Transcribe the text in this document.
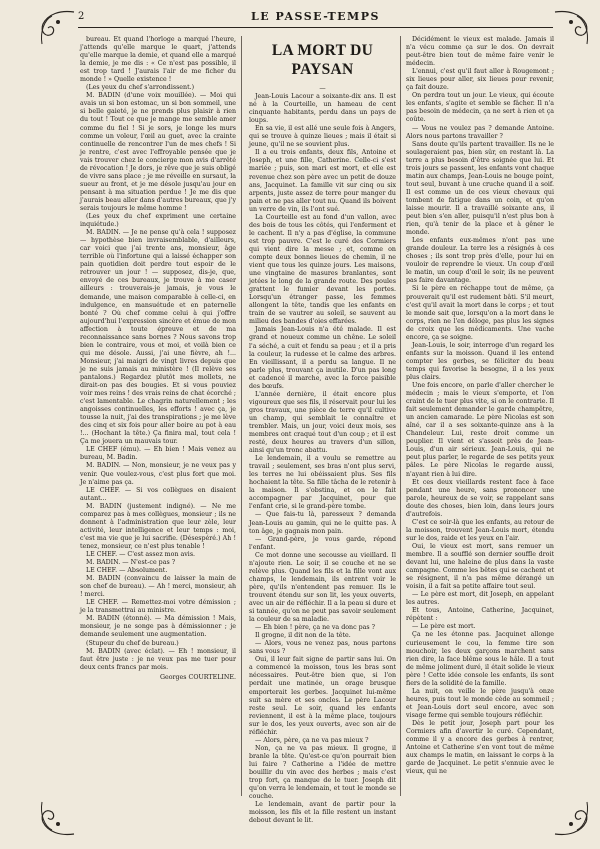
2	LE PASSE-TEMPS

bureau. Et quand l'horloge a marqué l'heure, j'attends qu'elle marque le quart, j'attends qu'elle marque la demie, et quand elle a marqué la demie, je me dis : « Ce n'est pas possible, il est trop tard ! J'aurais l'air de me ficher du monde ! » Quelle existence !

(Les yeux du chef s'arrondissent.)

M. BADIN (d'une voix mouillée). — Moi qui avais un si bon estomac, un si bon sommeil, une si belle gaieté, je ne prends plus plaisir à rien du tout ! Tout ce que je mange me semble amer comme du fiel ! Si je sors, je longe les murs comme un voleur, l'œil au guet, avec la crainte continuelle de rencontrer l'un de mes chefs ! Si je rentre, c'est avec l'effroyable pensée que je vais trouver chez le concierge mon avis d'arrêté de révocation ! Je dors, je rêve que je suis obligé de vivre sans place ; je me réveille en sursaut, la sueur au front, et je me désole jusqu'au jour en pensant à ma situation perdue ! Je me dis que j'aurais beau aller dans d'autres bureaux, que j'y serais toujours le même homme !

(Les yeux du chef expriment une certaine inquiétude.)

M. BADIN. — Je ne pense qu'à cela ! supposez — hypothèse bien invraisemblable, d'ailleurs, car voici que j'ai trente ans, monsieur, âge terrible où l'infortune qui a laissé échapper son pain quotidien doit perdre tout espoir de le retrouver un jour ! — supposez, dis-je, que, envoyé de ces bureaux, je trouve à me caser ailleurs : trouverais-je jamais, je vous le demande, une maison comparable à celle-ci, en indulgence, en mansuétude et en paternelle bonté ? Où chef comme celui à qui j'offre aujourd'hui l'expression sincère et émue de mon affection à toute épreuve et de ma reconnaissance sans bornes ? Nous savons trop bien le contraire, vous et moi, et voilà bien ce qui me désole. Aussi, j'ai une fièvre, ah !... Monsieur, j'ai maigri de vingt livres depuis que je ne suis jamais au ministère ! (Il relève ses pantalons.) Regardez plutôt mes mollets, ne dirait-on pas des bougies. Et si vous pouviez voir mes reins ! des vrais reins de chat écorché ; c'est lamentable. Le chagrin naturellement ; les angoisses continuelles, les efforts ! avec ça, je tousse la nuit, j'ai des transpirations ; je me lève des cinq et six fois pour aller boire au pot à eau !... (Hochant la tête.) Ça finira mal, tout cela ! Ça me jouera un mauvais tour.

LE CHEF (ému). — Eh bien ! Mais venez au bureau, M. Badin.

M. BADIN. — Non, monsieur, je ne veux pas y venir. Que voulez-vous, c'est plus fort que moi. Je n'aime pas ça.

LE CHEF. — Si vos collègues en disaient autant...

M. BADIN (justement indigné). — Ne me comparez pas à mes collègues, monsieur ; ils ne donnent à l'administration que leur zèle, leur activité, leur intelligence et leur temps : moi, c'est ma vie que je lui sacrifie. (Désespéré.) Ah ! tenez, monsieur, ce n'est plus tenable !

LE CHEF. — C'est assez mon avis.

M. BADIN. — N'est-ce pas ?

LE CHEF. — Absolument.

M. BADIN (convaincu de laisser la main de son chef de bureau). — Ah ! merci, monsieur, ah ! merci.

LE CHEF. — Remettez-moi votre démission ; je la transmettrai au ministre.

M. BADIN (étonné). — Ma démission ! Mais, monsieur, je ne songe pas à démissionner ; je demande seulement une augmentation.

(Stupeur du chef de bureau.)

M. BADIN (avec éclat). — Eh ! monsieur, il faut être juste : je ne veux pas me tuer pour deux cents francs par mois.

Georges COURTELINE.

LA MORT DU PAYSAN

—

Jean-Louis Lacour a soixante-dix ans. Il est né à la Courteille, un hameau de cent cinquante habitants, perdu dans un pays de loups.

En sa vie, il est allé une seule fois à Angers, qui se trouve à quinze lieues ; mais il était si jeune, qu'il ne se souvient plus.

Il a eu trois enfants, deux fils, Antoine et Joseph, et une fille, Catherine. Celle-ci s'est mariée ; puis, son mari est mort, et elle est revenue chez son père avec un petit de douze ans, Jacquinet. La famille vit sur cinq ou six arpents, juste assez de terre pour manger du pain et ne pas aller tout nu. Quand ils boivent un verre de vin, ils l'ont sué.

La Courteille est au fond d'un vallon, avec des bois de tous les côtés, qui l'enferment et le cachent. Il n'y a pas d'église, la commune est trop pauvre. C'est le curé des Cormiers qui vient dire la messe ; et, comme on compte deux bonnes lieues de chemin, il ne vient que tous les quinze jours. Les maisons, une vingtaine de masures branlantes, sont jetées le long de la grande route. Des poules grattent le fumier devant les portes. Lorsqu'un étranger passe, les femmes allongent la tête, tandis que les enfants en train de se vautrer au soleil, se sauvent au milieu des bandes d'oies effarées.

Jamais Jean-Louis n'a été malade. Il est grand et noueux comme un chêne. Le soleil l'a séché, a cuit et fendu sa peau ; et il a pris la couleur, la rudesse et le calme des arbres. En vieillissant, il a perdu sa langue. Il ne parle plus, trouvant ça inutile. D'un pas long et cadencé il marche, avec la force paisible des bœufs.

L'année dernière, il était encore plus vigoureux que ses fils, il réservait pour lui les gros travaux, une pièce de terre qu'il cultive un champ, qui semblait le connaître et trembler. Mais, un jour, voici deux mois, ses membres ont craqué tout d'un coup ; et il est resté, deux heures au travers d'un sillon, ainsi qu'un tronc abattu.

Le lendemain, il a voulu se remettre au travail ; seulement, ses bras n'ont plus servi, les terres ne lui obéissaient plus. Ses fils hochaient la tête. Sa fille tâcha de le retenir à la maison. Il s'obstina, et on le fait accompagner par Jacquinet, pour que l'enfant crie, si le grand-père tombe.

— Que fais-tu là, paresseux ? demanda Jean-Louis au gamin, qui ne le quitte pas. À ton âge, je gagnais mon pain.

— Grand-père, je vous garde, répond l'enfant.

Ce mot donne une secousse au vieillard. Il n'ajoute rien. Le soir, il se couche et ne se relève plus. Quand les fils et la fille vont aux champs, le lendemain, ils entrent voir le père, qu'ils n'entendent pas remuer. Ils le trouvent étendu sur son lit, les yeux ouverts, avec un air de réfléchir. Il a la peau si dure et si tannée, qu'on ne peut pas savoir seulement la couleur de sa maladie.

— Eh bien ! père, ça ne va donc pas ?

Il grogne, il dit non de la tête.

— Alors, vous ne venez pas, nous partons sans vous ?

Oui, il leur fait signe de partir sans lui. On a commencé la moisson, tous les bras sont nécessaires. Peut-être bien que, si l'on perdait une matinée, un orage brusque emporterait les gerbes. Jacquinet lui-même suit sa mère et ses oncles. Le père Lacour reste seul. Le soir, quand les enfants reviennent, il est à la même place, toujours sur le dos, les yeux ouverts, avec son air de réfléchir.

— Alors, père, ça ne va pas mieux ?

Non, ça ne va pas mieux. Il grogne, il branle la tête. Qu'est-ce qu'on pourrait bien lui faire ? Catherine a l'idée de mettre bouillir du vin avec des herbes ; mais c'est trop fort, ça manque de le tuer. Joseph dit qu'on verra le lendemain, et tout le monde se couche.

Le lendemain, avant de partir pour la moisson, les fils et la fille restent un instant debout devant le lit.

Décidément le vieux est malade. Jamais il n'a vécu comme ça sur le dos. On devrait peut-être bien tout de même faire venir le médecin.

L'ennui, c'est qu'il faut aller à Rougemont ; six lieues pour aller, six lieues pour revenir, ça fait douze.

On perdra tout un jour. Le vieux, qui écoute les enfants, s'agite et semble se fâcher. Il n'a pas besoin de médecin, ça ne sert à rien et ça coûte.

— Vous ne voulez pas ? demande Antoine. Alors nous partons travailler ?

Sans doute qu'ils partent travailler. Ils ne le soulageraient pas, bien sûr, en restant là. La terre a plus besoin d'être soignée que lui. Et trois jours se passent, les enfants vont chaque matin aux champs, Jean-Louis ne bouge point, tout seul, buvant à une cruche quand il a soif. Il est comme un de ces vieux chevaux qui tombent de fatigue dans un coin, et qu'on laisse mourir. Il a travaillé soixante ans, il peut bien s'en aller, puisqu'il n'est plus bon à rien, qu'à tenir de la place et à gêner le monde.

Les enfants eux-mêmes n'ont pas une grande douleur. La terre les a résignés à ces choses ; ils sont trop près d'elle, pour lui en vouloir de reprendre le vieux. Un coup d'œil le matin, un coup d'œil le soir, ils ne peuvent pas faire davantage.

Si le père en réchappe tout de même, ça prouverait qu'il est rudement bâti. S'il meurt, c'est qu'il avait la mort dans le corps ; et tout le monde sait que, lorsqu'on a la mort dans le corps, rien ne l'en déloge, pas plus les signes de croix que les médicaments. Une vache encore, ça se soigne.

Jean-Louis, le soir, interroge d'un regard les enfants sur la moisson. Quand il les entend compter les gerbes, se féliciter du beau temps qui favorise la besogne, il a les yeux plus clairs.

Une fois encore, on parle d'aller chercher le médecin ; mais le vieux s'emporte, et l'on craint de le tuer plus vite, si on le contrarie. Il fait seulement demander le garde champêtre, un ancien camarade. Le père Nicolas est son aîné, car il a ses soixante-quinze ans à la Chandeleur. Lui, reste droit comme un peuplier. Il vient et s'assoit près de Jean-Louis, d'un air sérieux. Jean-Louis, qui ne peut plus parler, le regarde de ses petits yeux pâles. Le père Nicolas le regarde aussi, n'ayant rien à lui dire.

Et ces deux vieillards restent face à face pendant une heure, sans prononcer une parole, heureux de se voir, se rappelant sans doute des choses, bien loin, dans leurs jours d'autrefois.

C'est ce soir-là que les enfants, au retour de la moisson, trouvent Jean-Louis mort, étendu sur le dos, raide et les yeux en l'air.

Oui, le vieux est mort, sans remuer un membre. Il a soufflé son dernier souffle droit devant lui, une haleine de plus dans la vaste campagne. Comme les bêtes qui se cachent et se résignent, il n'a pas même dérangé un voisin, il a fait sa petite affaire tout seul.

— Le père est mort, dit Joseph, en appelant les autres.

Et tous, Antoine, Catherine, Jacquinet, répètent :

— Le père est mort.

Ça ne les étonne pas. Jacquinet allonge curieusement le cou, la femme tire son mouchoir, les deux garçons marchent sans rien dire, la face blême sous le hâle. Il a tout de même joliment duré, il était solide le vieux père ! Cette idée console les enfants, ils sont fiers de la solidité de la famille.

La nuit, on veille le père jusqu'à onze heures, puis tout le monde cède au sommeil ; et Jean-Louis dort seul encore, avec son visage ferme qui semble toujours réfléchir.

Dès le petit jour, Joseph part pour les Cormiers afin d'avertir le curé. Cependant, comme il y a encore des gerbes à rentrer, Antoine et Catherine s'en vont tout de même aux champs le matin, en laissant le corps à la garde de Jacquinet. Le petit s'ennuie avec le vieux, qui ne
